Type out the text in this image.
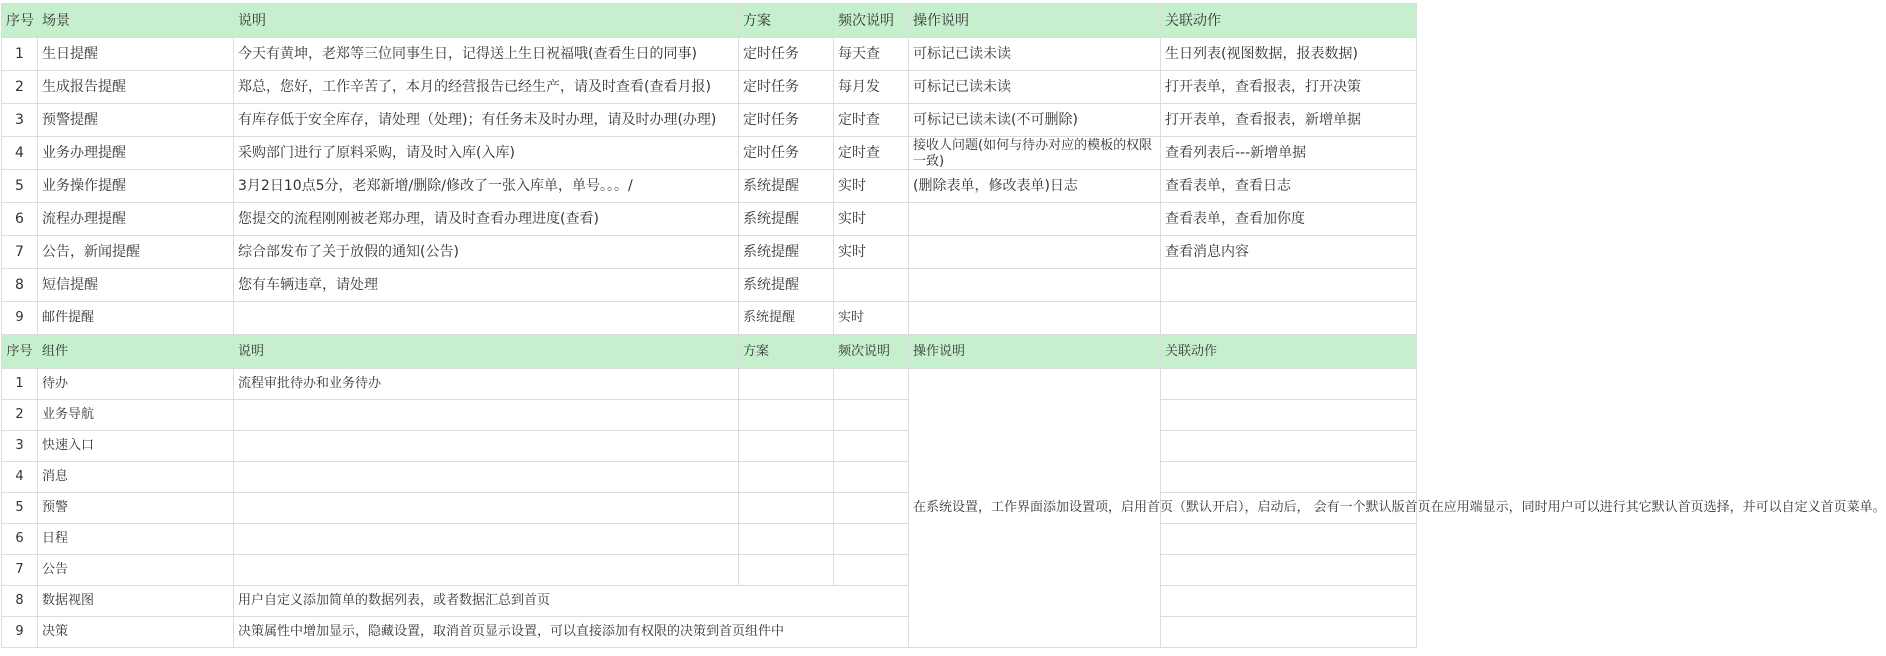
序号	场景	说明	方案	频次说明	操作说明	关联动作
1	生日提醒	今天有黄坤，老郑等三位同事生日，记得送上生日祝福哦(查看生日的同事)	定时任务	每天查	可标记已读未读	生日列表(视图数据，报表数据)
2	生成报告提醒	郑总，您好，工作辛苦了，本月的经营报告已经生产，请及时查看(查看月报)	定时任务	每月发	可标记已读未读	打开表单，查看报表，打开决策
3	预警提醒	有库存低于安全库存，请处理（处理)；有任务未及时办理，请及时办理(办理)	定时任务	定时查	可标记已读未读(不可删除)	打开表单，查看报表，新增单据
4	业务办理提醒	采购部门进行了原料采购，请及时入库(入库)	定时任务	定时查	接收人问题(如何与待办对应的模板的权限一致)	查看列表后---新增单据
5	业务操作提醒	3月2日10点5分，老郑新增/删除/修改了一张入库单，单号。。。/	系统提醒	实时	(删除表单，修改表单)日志	查看表单，查看日志
6	流程办理提醒	您提交的流程刚刚被老郑办理，请及时查看办理进度(查看)	系统提醒	实时		查看表单，查看加你度
7	公告，新闻提醒	综合部发布了关于放假的通知(公告)	系统提醒	实时		查看消息内容
8	短信提醒	您有车辆违章，请处理	系统提醒			
9	邮件提醒		系统提醒	实时		
序号	组件	说明	方案	频次说明	操作说明	关联动作
1	待办	流程审批待办和业务待办			在系统设置，工作界面添加设置项，启用首页（默认开启），启动后， 会有一个默认版首页在应用端显示，同时用户可以进行其它默认首页选择，并可以自定义首页菜单。	
2	业务导航					
3	快速入口					
4	消息					
5	预警					
6	日程					
7	公告					
8	数据视图	用户自定义添加简单的数据列表，或者数据汇总到首页				
9	决策	决策属性中增加显示，隐藏设置，取消首页显示设置，可以直接添加有权限的决策到首页组件中				
